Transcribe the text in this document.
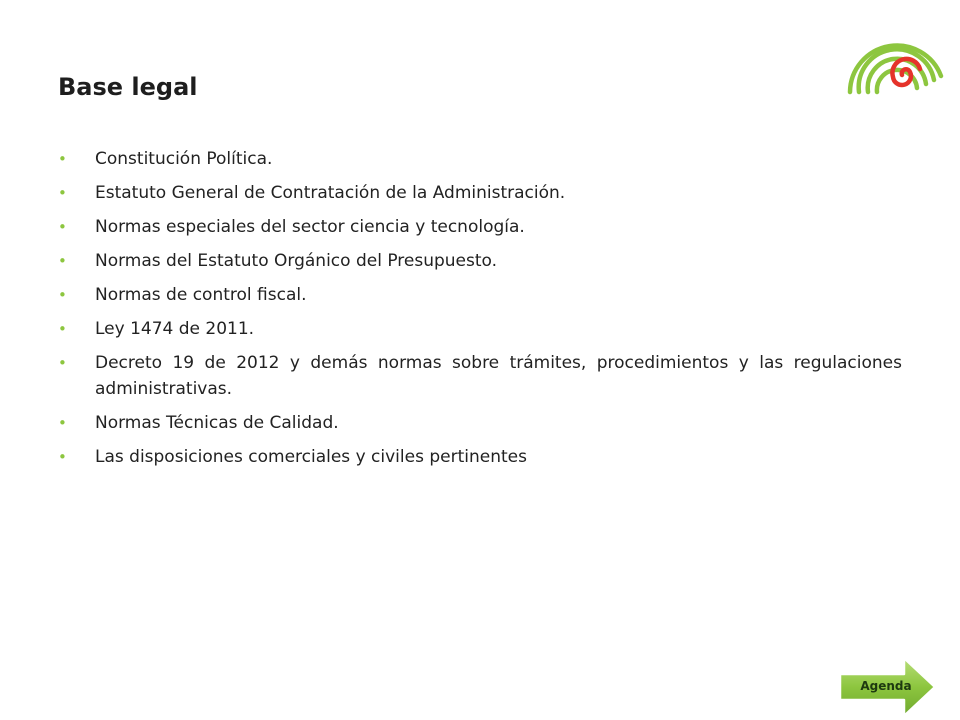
Base legal
• Constitución Política.
• Estatuto General de Contratación de la Administración.
• Normas especiales del sector ciencia y tecnología.
• Normas del Estatuto Orgánico del Presupuesto.
• Normas de control fiscal.
• Ley 1474 de 2011.
• Decreto 19 de 2012 y demás normas sobre trámites, procedimientos y las regulaciones administrativas.
• Normas Técnicas de Calidad.
• Las disposiciones comerciales y civiles pertinentes
Agenda
